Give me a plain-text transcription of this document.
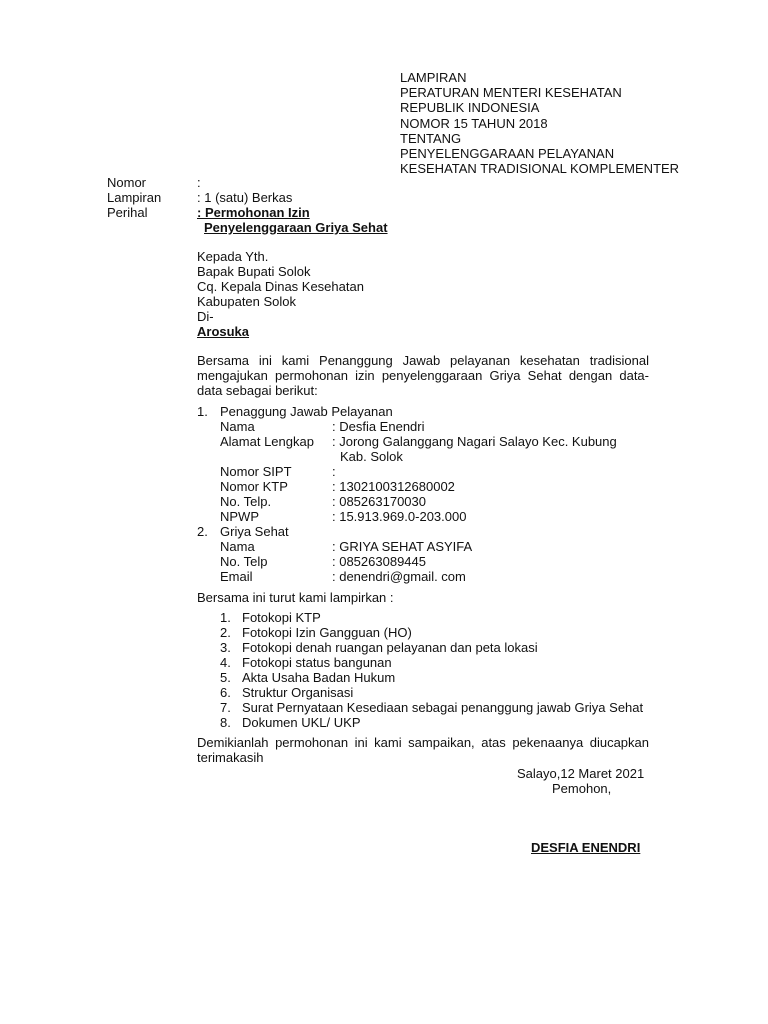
LAMPIRAN
PERATURAN MENTERI KESEHATAN
REPUBLIK INDONESIA
NOMOR 15 TAHUN 2018
TENTANG
PENYELENGGARAAN PELAYANAN
KESEHATAN TRADISIONAL KOMPLEMENTER
Nomor	:
Lampiran	: 1 (satu) Berkas
Perihal	: Permohonan Izin
Penyelenggaraan Griya Sehat
Kepada Yth.
Bapak Bupati Solok
Cq. Kepala Dinas Kesehatan
Kabupaten Solok
Di-
Arosuka
Bersama ini kami Penanggung Jawab pelayanan kesehatan tradisional mengajukan permohonan izin penyelenggaraan Griya Sehat dengan data- data sebagai berikut:
1. Penaggung Jawab Pelayanan
Nama	: Desfia Enendri
Alamat Lengkap : Jorong Galanggang Nagari Salayo Kec. Kubung
Kab. Solok
Nomor SIPT	:
Nomor KTP	: 1302100312680002
No. Telp.	: 085263170030
NPWP	: 15.913.969.0-203.000
2. Griya Sehat
Nama	: GRIYA SEHAT ASYIFA
No. Telp	: 085263089445
Email	: denendri@gmail. com
Bersama ini turut kami lampirkan :
1. Fotokopi KTP
2. Fotokopi Izin Gangguan (HO)
3. Fotokopi denah ruangan pelayanan dan peta lokasi
4. Fotokopi status bangunan
5. Akta Usaha Badan Hukum
6. Struktur Organisasi
7. Surat Pernyataan Kesediaan sebagai penanggung jawab Griya Sehat
8. Dokumen UKL/ UKP
Demikianlah permohonan ini kami sampaikan, atas pekenaanya diucapkan terimakasih
Salayo,12 Maret 2021
Pemohon,
DESFIA ENENDRI
